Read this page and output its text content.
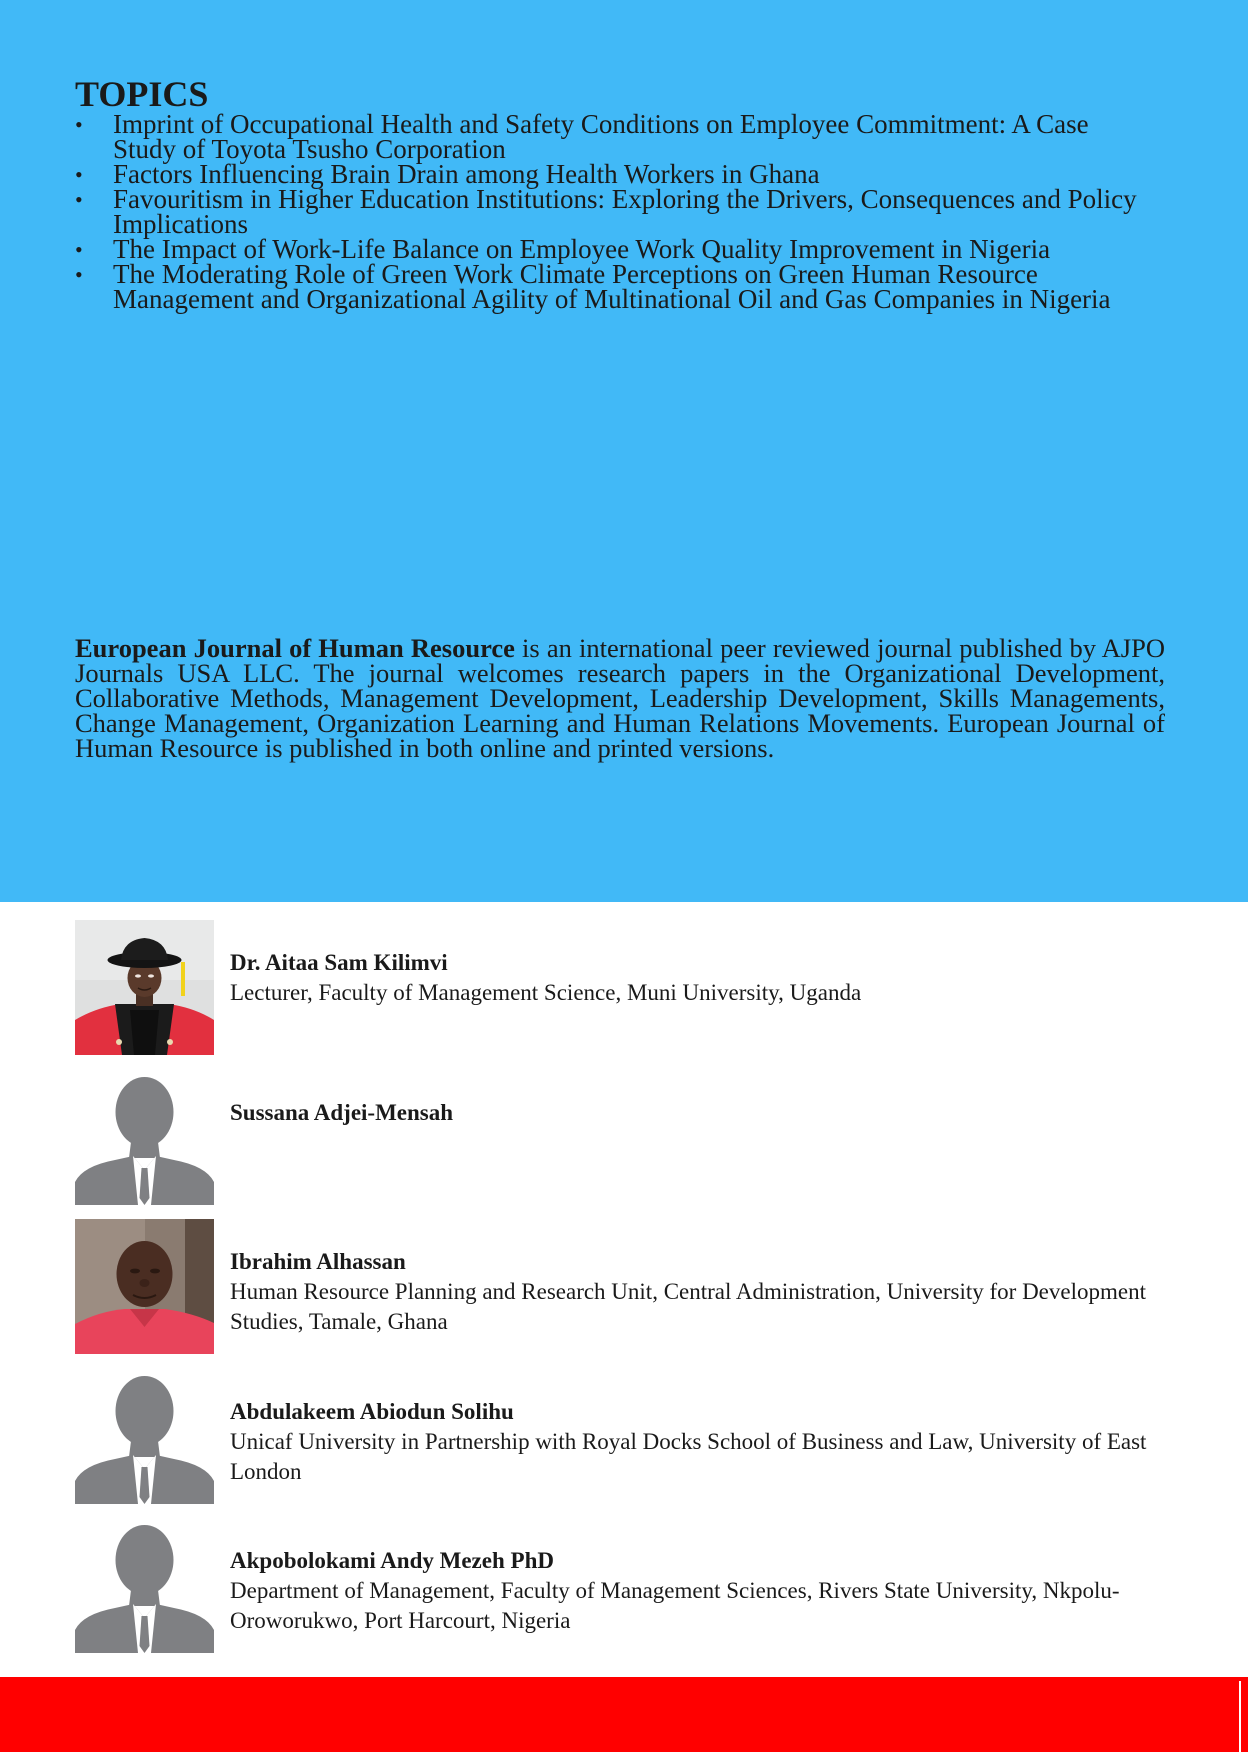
TOPICS
• Imprint of Occupational Health and Safety Conditions on Employee Commitment: A Case Study of Toyota Tsusho Corporation
• Factors Influencing Brain Drain among Health Workers in Ghana
• Favouritism in Higher Education Institutions: Exploring the Drivers, Consequences and Policy Implications
• The Impact of Work-Life Balance on Employee Work Quality Improvement in Nigeria
• The Moderating Role of Green Work Climate Perceptions on Green Human Resource Management and Organizational Agility of Multinational Oil and Gas Companies in Nigeria

European Journal of Human Resource is an international peer reviewed journal published by AJPO Journals USA LLC. The journal welcomes research papers in the Organizational Development, Collaborative Methods, Management Development, Leadership Development, Skills Managements, Change Management, Organization Learning and Human Relations Movements. European Journal of Human Resource is published in both online and printed versions.

Dr. Aitaa Sam Kilimvi
Lecturer, Faculty of Management Science, Muni University, Uganda
Sussana Adjei-Mensah
Ibrahim Alhassan
Human Resource Planning and Research Unit, Central Administration, University for Development Studies, Tamale, Ghana
Abdulakeem Abiodun Solihu
Unicaf University in Partnership with Royal Docks School of Business and Law, University of East London
Akpobolokami Andy Mezeh PhD
Department of Management, Faculty of Management Sciences, Rivers State University, Nkpolu-Oroworukwo, Port Harcourt, Nigeria
